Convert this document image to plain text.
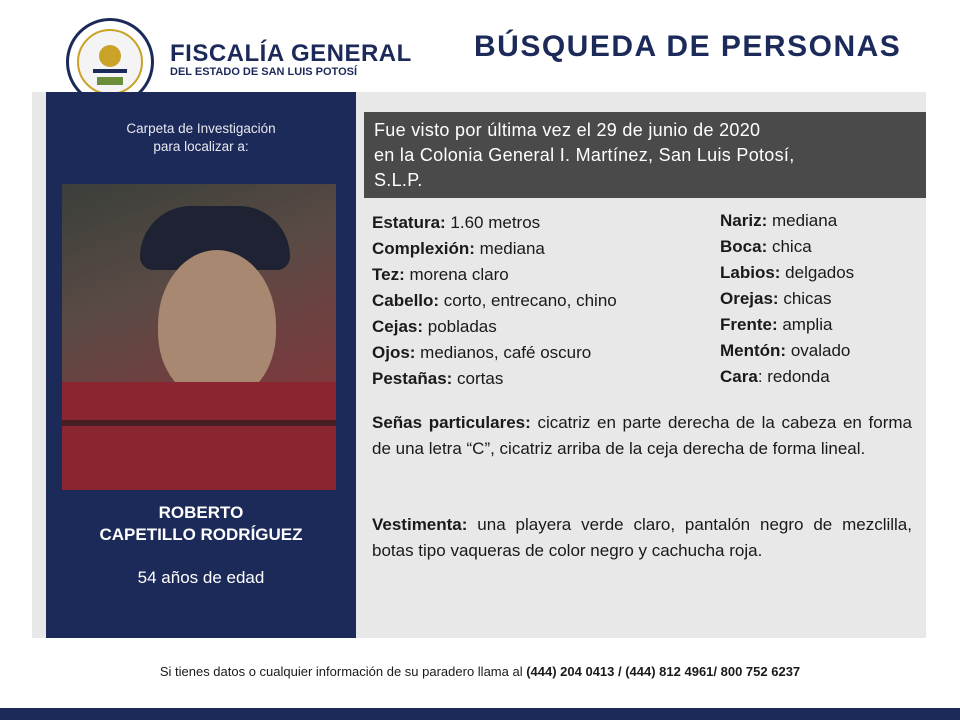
FISCALÍA GENERAL
DEL ESTADO DE SAN LUIS POTOSÍ
BÚSQUEDA DE PERSONAS
Carpeta de Investigación
para localizar a:
ROBERTO
CAPETILLO RODRÍGUEZ
54 años de edad
Fue visto por última vez el 29 de junio de 2020
en la Colonia General I. Martínez, San Luis Potosí,
S.L.P.
Estatura: 1.60 metros
Complexión: mediana
Tez: morena claro
Cabello: corto, entrecano, chino
Cejas: pobladas
Ojos: medianos, café oscuro
Pestañas: cortas
Nariz: mediana
Boca: chica
Labios: delgados
Orejas: chicas
Frente: amplia
Mentón: ovalado
Cara: redonda
Señas particulares: cicatriz en parte derecha de la cabeza en forma de una letra “C”, cicatriz arriba de la ceja derecha de forma lineal.
Vestimenta: una playera verde claro, pantalón negro de mezclilla, botas tipo vaqueras de color negro y cachucha roja.
Si tienes datos o cualquier información de su paradero llama al (444) 204 0413 / (444) 812 4961/ 800 752 6237
